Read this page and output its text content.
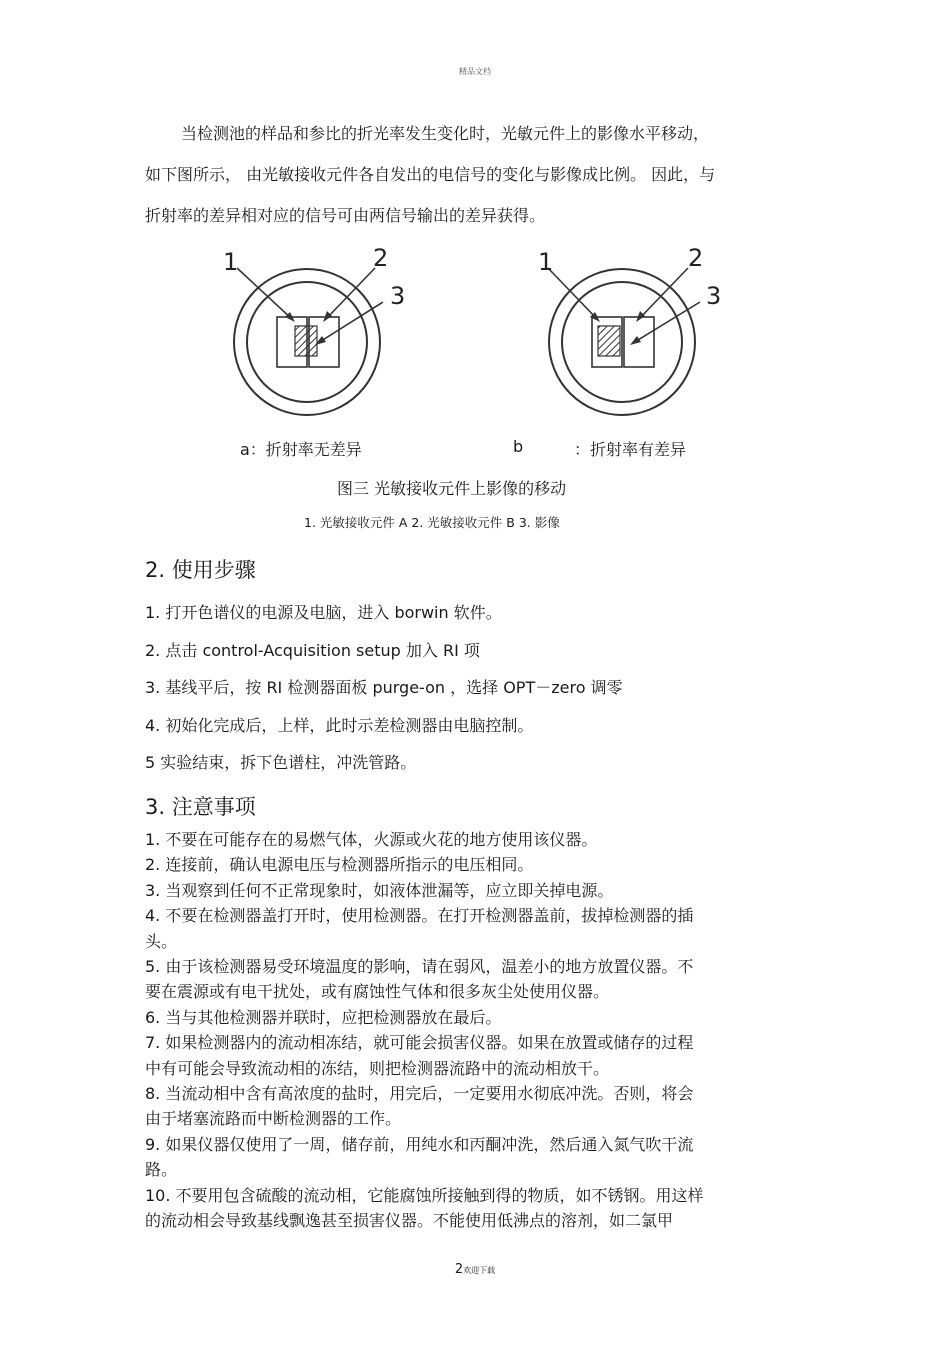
精品文档

当检测池的样品和参比的折光率发生变化时，光敏元件上的影像水平移动，

如下图所示， 由光敏接收元件各自发出的电信号的变化与影像成比例。 因此，与

折射率的差异相对应的信号可由两信号输出的差异获得。

1	2
3
1	2
3
a：折射率无差异	b	：折射率有差异
图三 光敏接收元件上影像的移动
1. 光敏接收元件 A 2. 光敏接收元件 B 3. 影像
2. 使用步骤
1. 打开色谱仪的电源及电脑，进入 borwin 软件。
2. 点击 control-Acquisition setup 加入 RI 项
3. 基线平后，按 RI 检测器面板 purge-on ，选择 OPT－zero 调零
4. 初始化完成后，上样，此时示差检测器由电脑控制。
5 实验结束，拆下色谱柱，冲洗管路。
3. 注意事项
1. 不要在可能存在的易燃气体，火源或火花的地方使用该仪器。
2. 连接前，确认电源电压与检测器所指示的电压相同。
3. 当观察到任何不正常现象时，如液体泄漏等，应立即关掉电源。
4. 不要在检测器盖打开时，使用检测器。在打开检测器盖前，拔掉检测器的插
头。
5. 由于该检测器易受环境温度的影响，请在弱风，温差小的地方放置仪器。不
要在震源或有电干扰处，或有腐蚀性气体和很多灰尘处使用仪器。
6. 当与其他检测器并联时，应把检测器放在最后。
7. 如果检测器内的流动相冻结，就可能会损害仪器。如果在放置或储存的过程
中有可能会导致流动相的冻结，则把检测器流路中的流动相放干。
8. 当流动相中含有高浓度的盐时，用完后，一定要用水彻底冲洗。否则，将会
由于堵塞流路而中断检测器的工作。
9. 如果仪器仅使用了一周，储存前，用纯水和丙酮冲洗，然后通入氮气吹干流
路。
10. 不要用包含硫酸的流动相，它能腐蚀所接触到得的物质，如不锈钢。用这样
的流动相会导致基线飘逸甚至损害仪器。不能使用低沸点的溶剂，如二氯甲
2欢迎下载
